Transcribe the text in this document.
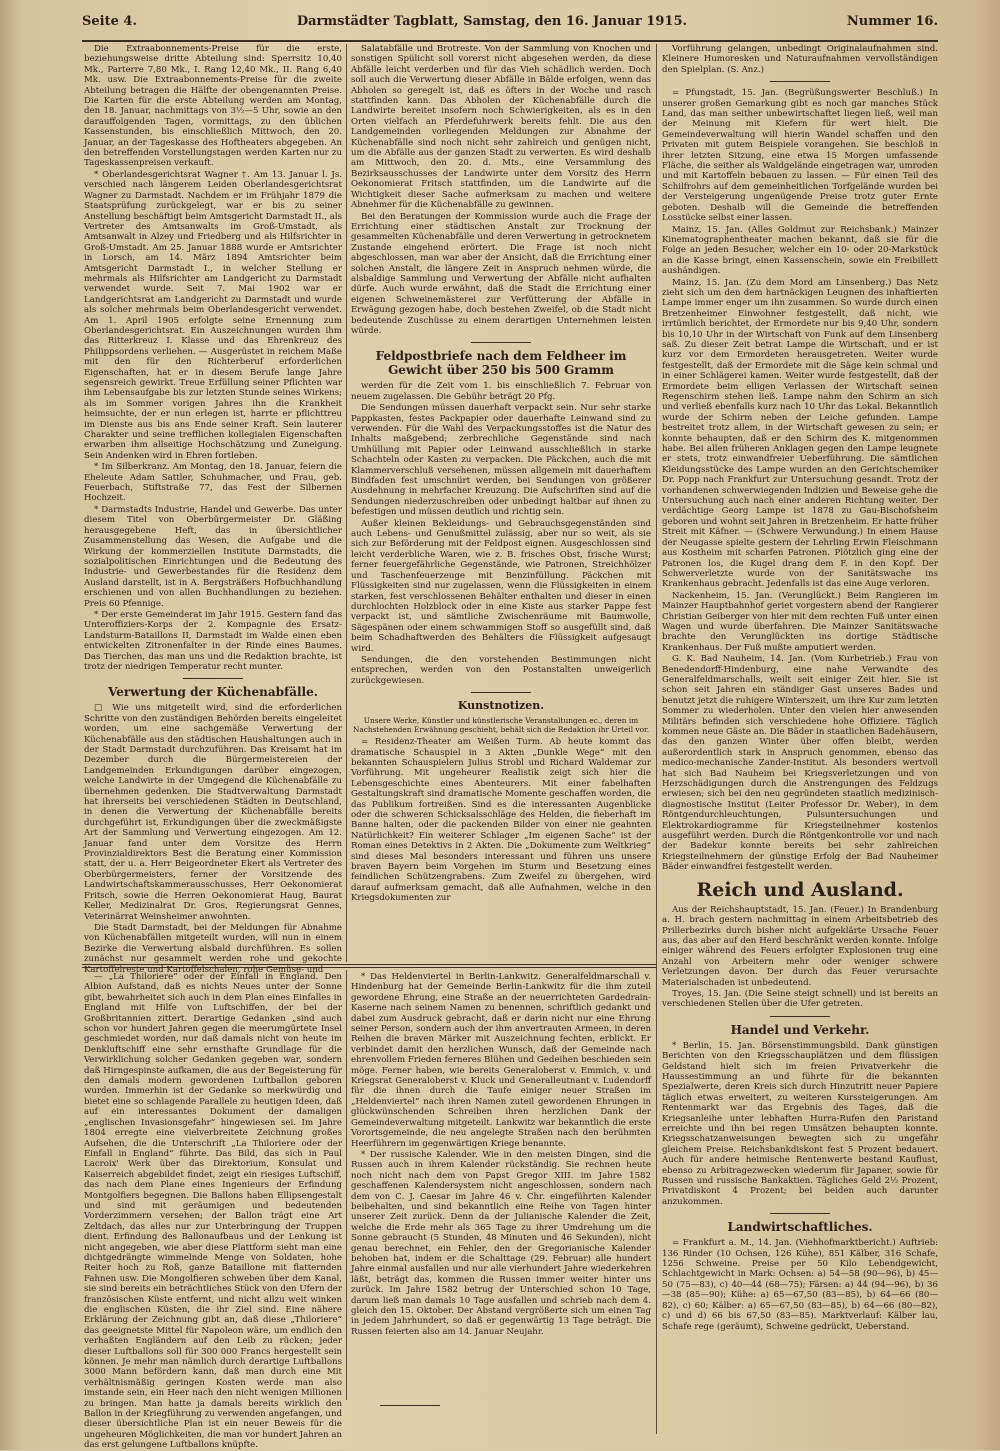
Seite 4.	Darmstädter Tagblatt, Samstag, den 16. Januar 1915.	Nummer 16.

Die Extraabonnements-Preise für die erste, beziehungsweise dritte Abteilung sind: Sperrsitz 10,40 Mk., Parterre 7,80 Mk., I. Rang 12,40 Mk., II. Rang 6,40 Mk. usw. Die Extraabonnements-Preise für die zweite Abteilung betragen die Hälfte der obengenannten Preise. Die Karten für die erste Abteilung werden am Montag, den 18. Januar, nachmittags von 3½—5 Uhr, sowie an den darauffolgenden Tagen, vormittags, zu den üblichen Kassenstunden, bis einschließlich Mittwoch, den 20. Januar, an der Tageskasse des Hoftheaters abgegeben. An den betreffenden Vorstellungstagen werden Karten nur zu Tageskassenpreisen verkauft.

* Oberlandesgerichtsrat Wagner †. Am 13. Januar l. Js. verschied nach längerem Leiden Oberlandesgerichtsrat Wagner zu Darmstadt. Nachdem er im Frühjahr 1879 die Staatsprüfung zurückgelegt, war er bis zu seiner Anstellung beschäftigt beim Amtsgericht Darmstadt II., als Vertreter des Amtsanwalts im Groß-Umstadt, als Amtsanwalt in Alzey und Friedberg und als Hilfsrichter in Groß-Umstadt. Am 25. Januar 1888 wurde er Amtsrichter in Lorsch, am 14. März 1894 Amtsrichter beim Amtsgericht Darmstadt I., in welcher Stellung er mehrmals als Hilfsrichter am Landgericht zu Darmstadt verwendet wurde. Seit 7. Mai 1902 war er Landgerichtsrat am Landgericht zu Darmstadt und wurde als solcher mehrmals beim Oberlandesgericht verwendet. Am 1. April 1905 erfolgte seine Ernennung zum Oberlandesgerichtsrat. Ein Auszeichnungen wurden ihm das Ritterkreuz I. Klasse und das Ehrenkreuz des Philippsordens verliehen. — Ausgerüstet in reichem Maße mit den für den Richterberuf erforderlichen Eigenschaften, hat er in diesem Berufe lange Jahre segensreich gewirkt. Treue Erfüllung seiner Pflichten war ihm Lebensaufgabe bis zur letzten Stunde seines Wirkens; als im Sommer vorigen Jahres ihn die Krankheit heimsuchte, der er nun erlegen ist, harrte er pflichttreu im Dienste aus bis ans Ende seiner Kraft. Sein lauterer Charakter und seine trefflichen kollegialen Eigenschaften erwarben ihm allseitige Hochschätzung und Zuneigung. Sein Andenken wird in Ehren fortleben.

* Im Silberkranz. Am Montag, den 18. Januar, feiern die Eheleute Adam Sattler, Schuhmacher, und Frau, geb. Feuerbach, Stiftstraße 77, das Fest der Silbernen Hochzeit.

* Darmstadts Industrie, Handel und Gewerbe. Das unter diesem Titel von Oberbürgermeister Dr. Gläßing herausgegebene Heft, das in übersichtlicher Zusammenstellung das Wesen, die Aufgabe und die Wirkung der kommerziellen Institute Darmstadts, die sozialpolitischen Einrichtungen und die Bedeutung des Industrie- und Gewerbestandes für die Residenz dem Ausland darstellt, ist in A. Bergsträßers Hofbuchhandlung erschienen und von allen Buchhandlungen zu beziehen. Preis 60 Pfennige.

* Der erste Gemeinderat im Jahr 1915. Gestern fand das Unteroffiziers-Korps der 2. Kompagnie des Ersatz-Landsturm-Bataillons II, Darmstadt im Walde einen eben entwickelten Zitronenfalter in der Rinde eines Baumes. Das Tierchen, das man uns und die Redaktion brachte, ist trotz der niedrigen Temperatur recht munter.

Verwertung der Küchenabfälle.

□ Wie uns mitgeteilt wird, sind die erforderlichen Schritte von den zuständigen Behörden bereits eingeleitet worden, um eine sachgemäße Verwertung der Küchenabfälle aus den städtischen Haushaltungen auch in der Stadt Darmstadt durchzuführen. Das Kreisamt hat im Dezember durch die Bürgermeistereien der Landgemeinden Erkundigungen darüber eingezogen, welche Landwirte in der Umgegend die Küchenabfälle zu übernehmen gedenken. Die Stadtverwaltung Darmstadt hat ihrerseits bei verschiedenen Städten in Deutschland, in denen die Verwertung der Küchenabfälle bereits durchgeführt ist, Erkundigungen über die zweckmäßigste Art der Sammlung und Verwertung eingezogen. Am 12. Januar fand unter dem Vorsitze des Herrn Provinzialdirektors Best die Beratung einer Kommission statt, der u. a. Herr Beigeordneter Ekert als Vertreter des Oberbürgermeisters, ferner der Vorsitzende des Landwirtschaftskammerausschusses, Herr Oekonomierat Fritsch, sowie die Herren Oekonomierat Haug, Baurat Keller, Medizinalrat Dr. Gros, Regierungsrat Gennes, Veterinärrat Weinsheimer anwohnten.

Die Stadt Darmstadt, bei der Meldungen für Abnahme von Küchenabfällen mitgeteilt wurden, will nun in einem Bezirke die Verwertung alsbald durchführen. Es sollen zunächst nur gesammelt werden rohe und gekochte Kartoffelreste und Kartoffelschalen, rohe Gemüse- und

Salatabfälle und Brotreste. Von der Sammlung von Knochen und sonstigen Spülicht soll vorerst nicht abgesehen werden, da diese Abfälle leicht verderben und für das Vieh schädlich werden. Doch soll auch die Verwertung dieser Abfälle in Bälde erfolgen, wenn das Abholen so geregelt ist, daß es öfters in der Woche und rasch stattfinden kann. Das Abholen der Küchenabfälle durch die Landwirte bereitet insofern noch Schwierigkeiten, als es in den Orten vielfach an Pferdefuhrwerk bereits fehlt. Die aus den Landgemeinden vorliegenden Meldungen zur Abnahme der Küchenabfälle sind noch nicht sehr zahlreich und genügen nicht, um die Abfälle aus der ganzen Stadt zu verwerten. Es wird deshalb am Mittwoch, den 20. d. Mts., eine Versammlung des Bezirksausschusses der Landwirte unter dem Vorsitz des Herrn Oekonomierat Fritsch stattfinden, um die Landwirte auf die Wichtigkeit dieser Sache aufmerksam zu machen und weitere Abnehmer für die Küchenabfälle zu gewinnen.

Bei den Beratungen der Kommission wurde auch die Frage der Errichtung einer städtischen Anstalt zur Trocknung der gesammelten Küchenabfälle und deren Verwertung in getrocknetem Zustande eingehend erörtert. Die Frage ist noch nicht abgeschlossen, man war aber der Ansicht, daß die Errichtung einer solchen Anstalt, die längere Zeit in Anspruch nehmen würde, die alsbaldige Sammlung und Verwertung der Abfälle nicht aufhalten dürfe. Auch wurde erwähnt, daß die Stadt die Errichtung einer eigenen Schweinemästerei zur Verfütterung der Abfälle in Erwägung gezogen habe, doch bestehen Zweifel, ob die Stadt nicht bedeutende Zuschüsse zu einem derartigen Unternehmen leisten würde.

Feldpostbriefe nach dem Feldheer im Gewicht über 250 bis 500 Gramm

werden für die Zeit vom 1. bis einschließlich 7. Februar von neuem zugelassen. Die Gebühr beträgt 20 Pfg.

Die Sendungen müssen dauerhaft verpackt sein. Nur sehr starke Pappkasten, festes Packpapier oder dauerhafte Leinwand sind zu verwenden. Für die Wahl des Verpackungsstoffes ist die Natur des Inhalts maßgebend; zerbrechliche Gegenstände sind nach Umhüllung mit Papier oder Leinwand ausschließlich in starke Schachteln oder Kasten zu verpacken. Die Päckchen, auch die mit Klammerverschluß versehenen, müssen allgemein mit dauerhaftem Bindfaden fest umschnürt werden, bei Sendungen von größerer Ausdehnung in mehrfacher Kreuzung. Die Aufschriften sind auf die Sendungen niederzuschreiben oder unbedingt haltbar auf ihnen zu befestigen und müssen deutlich und richtig sein.

Außer kleinen Bekleidungs- und Gebrauchsgegenständen sind auch Lebens- und Genußmittel zulässig, aber nur so weit, als sie sich zur Beförderung mit der Feldpost eignen. Ausgeschlossen sind leicht verderbliche Waren, wie z. B. frisches Obst, frische Wurst; ferner feuergefährliche Gegenstände, wie Patronen, Streichhölzer und Taschenfeuerzeuge mit Benzinfüllung. Päckchen mit Flüssigkeiten sind nur zugelassen, wenn die Flüssigkeiten in einem starken, fest verschlossenen Behälter enthalten und dieser in einen durchlochten Holzblock oder in eine Kiste aus starker Pappe fest verpackt ist, und sämtliche Zwischenräume mit Baumwolle, Sägespänen oder einem schwammigen Stoff so ausgefüllt sind, daß beim Schadhaftwerden des Behälters die Flüssigkeit aufgesaugt wird.

Sendungen, die den vorstehenden Bestimmungen nicht entsprechen, werden von den Postanstalten unweigerlich zurückgewiesen.

Kunstnotizen.
Unsere Werke, Künstler und künstlerische Veranstaltungen ec., deren im Nachstehenden Erwähnung geschieht, behält sich die Redaktion ihr Urteil vor.

= Residenz-Theater am Weißen Turm. Ab heute kommt das dramatische Schauspiel in 3 Akten „Dunkle Wege“ mit den bekannten Schauspielern Julius Strobl und Richard Waldemar zur Vorführung. Mit ungeheurer Realistik zeigt sich hier die Lebensgeschichte eines Abenteurers. Mit einer fabelhaften Gestaltungskraft sind dramatische Momente geschaffen worden, die das Publikum fortreißen. Sind es die interessanten Augenblicke oder die schweren Schicksalsschläge des Helden, die fieberhaft im Banne halten, oder die packenden Bilder von einer nie geahnten Natürlichkeit? Ein weiterer Schlager „Im eigenen Sache“ ist der Roman eines Detektivs in 2 Akten. Die „Dokumente zum Weltkrieg“ sind dieses Mal besonders interessant und führen uns unsere braven Bayern beim Vorgehen im Sturm und Besetzung eines feindlichen Schützengrabens. Zum Zweifel zu übergehen, wird darauf aufmerksam gemacht, daß alle Aufnahmen, welche in den Kriegsdokumenten zur

Vorführung gelangen, unbedingt Originalaufnahmen sind. Kleinere Humoresken und Naturaufnahmen vervollständigen den Spielplan. (S. Anz.)

= Pfungstadt, 15. Jan. (Begrüßungswerter Beschluß.) In unserer großen Gemarkung gibt es noch gar manches Stück Land, das man seither unbewirtschaftet liegen ließ, weil man der Meinung mit Kiefern für wert hielt. Die Gemeindeverwaltung will hierin Wandel schaffen und den Privaten mit gutem Beispiele vorangehen. Sie beschloß in ihrer letzten Sitzung, eine etwa 15 Morgen umfassende Fläche, die seither als Waldgelände eingetragen war, umroden und mit Kartoffeln bebauen zu lassen. — Für einen Teil des Schilfrohrs auf dem gemeinheitlichen Torfgelände wurden bei der Versteigerung ungenügende Preise trotz guter Ernte geboten. Deshalb will die Gemeinde die betreffenden Losstücke selbst einer lassen.

Mainz, 15. Jan. (Alles Goldmut zur Reichsbank.) Mainzer Kinematographentheater machen bekannt, daß sie für die Folge an jeden Besucher, welcher ein 10- oder 20-Markstück an die Kasse bringt, einen Kassenschein, sowie ein Freibillett aushändigen.

Mainz, 15. Jan. (Zu dem Mord am Linsenberg.) Das Netz zieht sich um den dem hartnäckigen Leugnen des inhaftierten Lampe immer enger um ihn zusammen. So wurde durch einen Bretzenheimer Einwohner festgestellt, daß nicht, wie irrtümlich berichtet, der Ermordete nur bis 9,40 Uhr, sondern bis 10,10 Uhr in der Wirtschaft von Funk auf dem Linsenberg saß. Zu dieser Zeit betrat Lampe die Wirtschaft, und er ist kurz vor dem Ermordeten herausgetreten. Weiter wurde festgestellt, daß der Ermordete mit die Säge kein schmal und in einer Schlägerei kamen. Weiter wurde festgestellt, daß der Ermordete beim elligen Verlassen der Wirtschaft seinen Regenschirm stehen ließ. Lampe nahm den Schirm an sich und verließ ebenfalls kurz nach 10 Uhr das Lokal. Bekanntlich wurde der Schirm neben der Leiche gefunden. Lampe bestreitet trotz allem, in der Wirtschaft gewesen zu sein; er konnte behaupten, daß er den Schirm des K. mitgenommen habe. Bei allen früheren Anklagen gegen den Lampe leugnete er stets, trotz einwandfreier Ueberführung. Die sämtlichen Kleidungsstücke des Lampe wurden an den Gerichtschemiker Dr. Popp nach Frankfurt zur Untersuchung gesandt. Trotz der vorhandenen schwerwiegenden Indizien und Beweise gehe die Untersuchung auch nach einer anderen Richtung weiter. Der verdächtige Georg Lampe ist 1878 zu Gau-Bischofsheim geboren und wohnt seit Jahren in Bretzenheim. Er hatte früher Streit mit Käfner. — (Schwere Verwundung.) In einem Hause der Neugasse spielte gestern der Lehrling Erwin Fleischmann aus Kostheim mit scharfen Patronen. Plötzlich ging eine der Patronen los, die Kugel drang dem F. in den Kopf. Der Schwerverletzte wurde von der Sanitätswache ins Krankenhaus gebracht. Jedenfalls ist das eine Auge verloren.

Nackenheim, 15. Jan. (Verunglückt.) Beim Rangieren im Mainzer Hauptbahnhof geriet vorgestern abend der Rangierer Christian Geiberger von hier mit dem rechten Fuß unter einen Wagen und wurde überfahren. Die Mainzer Sanitätswache brachte den Verunglückten ins dortige Städtische Krankenhaus. Der Fuß mußte amputiert werden.

G. K. Bad Nauheim, 14. Jan. (Vom Kurbetrieb.) Frau von Benedendorff-Hindenburg, eine nahe Verwandte des Generalfeldmarschalls, weilt seit einiger Zeit hier. Sie ist schon seit Jahren ein ständiger Gast unseres Bades und benutzt jetzt die ruhigere Winterszeit, um ihre Kur zum letzten Sommer zu wiederholen. Unter den vielen hier anwesenden Militärs befinden sich verschiedene hohe Offiziere. Täglich kommen neue Gäste an. Die Bäder in staatlichen Badehäusern, das den ganzen Winter über offen bleibt, werden außerordentlich stark in Anspruch genommen, ebenso das medico-mechanische Zander-Institut. Als besonders wertvoll hat sich Bad Nauheim bei Kriegsverletzungen und von Herzschädigungen durch die Anstrengungen des Feldzugs erwiesen; sich bei den neu gegründeten staatlich medizinisch-diagnostische Institut (Leiter Professor Dr. Weber), in dem Röntgendurchleuchtungen, Pulsuntersuchungen und Elektrokardiogramme für Kriegsteilnehmer kostenlos ausgeführt werden. Durch die Röntgenkontrolle vor und nach der Badekur konnte bereits bei sehr zahlreichen Kriegsteilnehmern der günstige Erfolg der Bad Nauheimer Bäder einwandfrei festgestellt werden.

Reich und Ausland.

Aus der Reichshauptstadt, 15. Jan. (Feuer.) In Brandenburg a. H. brach gestern nachmittag in einem Arbeitsbetrieb des Prillerbezirks durch bisher nicht aufgeklärte Ursache Feuer aus, das aber auf den Herd beschränkt werden konnte. Infolge einiger während des Feuers erfolgter Explosionen trug eine Anzahl von Arbeitern mehr oder weniger schwere Verletzungen davon. Der durch das Feuer verursachte Materialschaden ist unbedeutend.

Troyes, 15. Jan. (Die Seine steigt schnell) und ist bereits an verschiedenen Stellen über die Ufer getreten.

Handel und Verkehr.

* Berlin, 15. Jan. Börsenstimmungsbild. Dank günstigen Berichten von den Kriegsschauplätzen und dem flüssigen Geldstand hielt sich im freien Privatverkehr die Haussestimmung an und führte für die bekannten Spezialwerte, deren Kreis sich durch Hinzutritt neuer Papiere täglich etwas erweitert, zu weiteren Kurssteigerungen. Am Rentenmarkt war das Ergebnis des Tages, daß die Kriegsanleihe unter lebhaften Hurra-Rufen den Paristand erreichte und ihn bei regen Umsätzen behaupten konnte. Kriegsschatzanweisungen bewegten sich zu ungefähr gleichem Preise. Reichsbankdiskont fest 5 Prozent bedauert. Auch für andere heimische Rentenwerte bestand Kauflust, ebenso zu Arbitragezwecken wiederum für Japaner, sowie für Russen und russische Bankaktien. Tägliches Geld 2½ Prozent, Privatdiskont 4 Prozent; bei beiden auch darunter anzukommen.

Landwirtschaftliches.

= Frankfurt a. M., 14. Jan. (Viehhofmarktbericht.) Auftrieb: 136 Rinder (10 Ochsen, 126 Kühe), 851 Kälber, 316 Schafe, 1256 Schweine. Preise per 50 Kilo Lebendgewicht, Schlachtgewicht in Mark: Ochsen: a) 54—58 (90—96), b) 45—50 (75—83), c) 40—44 (68—75); Färsen: a) 44 (94—96), b) 36—38 (85—90); Kühe: a) 65—67,50 (83—85), b) 64—66 (80—82), c) 60; Kälber: a) 65—67,50 (83—85), b) 64—66 (80—82), c) und d) 66 bis 67,50 (83—85). Marktverlauf: Kälber lau, Schafe rege (geräumt), Schweine gedrückt, Ueberstand.

— „La Thiloriere“ oder der Einfall in England. Den Albion Aufstand, daß es nichts Neues unter der Sonne gibt, bewahrheitet sich auch in dem Plan eines Einfalles in England mit Hilfe von Luftschiffen, der bei der Großbritannien zittert. Derartige Gedanken „sind auch schon vor hundert Jahren gegen die meerumgürtete Insel geschmiedet worden, nur daß damals nicht von heute im Denkluftschiff eine sehr ernsthafte Grundlage für die Verwirklichung solcher Gedanken gegeben war, sondern daß Hirngespinste aufkamen, die aus der Begeisterung für den damals modern gewordenen Luftballon geboren wurden. Immerhin ist der Gedanke so merkwürdig und bietet eine so schlagende Parallele zu heutigen Ideen, daß auf ein interessantes Dokument der damaligen „englischen Invasionsgefahr“ hingewiesen sei. Im Jahre 1804 erregte eine vielverbreitete Zeichnung großes Aufsehen, die die Unterschrift „La Thiloriere oder der Einfall in England“ führte. Das Bild, das sich in Paul Lacroix' Werk über das Direktorium, Konsulat und Kaiserreich abgebildet findet, zeigt ein riesiges Luftschiff, das nach dem Plane eines Ingenieurs der Erfindung Montgolfiers begegnen. Die Ballons haben Ellipsengestalt und sind mit geräumigen und bedeutenden Vorderzimmern versehen; der Ballon trägt eine Art Zeltdach, das alles nur zur Unterbringung der Truppen dient. Erfindung des Ballonaufbaus und der Lenkung ist nicht angegeben, wie aber diese Plattform sieht man eine dichtgedrängte wimmelnde Menge von Soldaten, hohe Reiter hoch zu Roß, ganze Bataillone mit flatternden Fahnen usw. Die Mongolfieren schweben über dem Kanal, sie sind bereits ein beträchtliches Stück von den Ufern der französischen Küste entfernt, und nicht allzu weit winken die englischen Küsten, die ihr Ziel sind. Eine nähere Erklärung der Zeichnung gibt an, daß diese „Thiloriere“ das geeignetste Mittel für Napoleon wäre, um endlich den verhaßten Engländern auf den Leib zu rücken; jeder dieser Luftballons soll für 300 000 Francs hergestellt sein können. Je mehr man nämlich durch derartige Luftballons 3000 Mann befördern kann, daß man durch eine Mit verhältnismäßig geringen Kosten werde man also imstande sein, ein Heer nach den nicht wenigen Millionen zu bringen. Man hatte ja damals bereits wirklich den Ballon in der Kriegführung zu verwenden angefangen, und dieser übersichtliche Plan ist ein neuer Beweis für die ungeheuren Möglichkeiten, die man vor hundert Jahren an das erst gelungene Luftballons knüpfte.

* Das Heldenviertel in Berlin-Lankwitz. Generalfeldmarschall v. Hindenburg hat der Gemeinde Berlin-Lankwitz für die ihm zuteil gewordene Ehrung, eine Straße an der neuerrichteten Gardedrain-Kaserne nach seinem Namen zu benennen, schriftlich gedankt und dabei zum Ausdruck gebracht, daß er darin nicht nur eine Ehrung seiner Person, sondern auch der ihm anvertrauten Armeen, in deren Reihen die braven Märker mit Auszeichnung fechten, erblickt. Er verbindet damit den herzlichen Wunsch, daß der Gemeinde nach ehrenvollem Frieden ferneres Blühen und Gedeihen beschieden sein möge. Ferner haben, wie bereits Generaloberst v. Emmich, v. und Kriegsrat Generaloberst v. Kluck und Generalleutnant v. Ludendorff für die ihnen durch die Taufe einiger neuer Straßen im „Heldenviertel“ nach ihren Namen zuteil gewordenen Ehrungen in glückwünschenden Schreiben ihren herzlichen Dank der Gemeindeverwaltung mitgeteilt. Lankwitz war bekanntlich die erste Vorortsgemeinde, die neu angelegte Straßen nach den berühmten Heerführern im gegenwärtigen Kriege benannte.

* Der russische Kalender. Wie in den meisten Dingen, sind die Russen auch in ihrem Kalender rückständig. Sie rechnen heute noch nicht nach dem von Papst Gregor XIII. im Jahre 1582 geschaffenen Kalendersystem nicht angeschlossen, sondern nach dem von C. J. Caesar im Jahre 46 v. Chr. eingeführten Kalender beibehalten, und sind bekanntlich eine Reihe von Tagen hinter unserer Zeit zurück. Denn da der Julianische Kalender die Zeit, welche die Erde mehr als 365 Tage zu ihrer Umdrehung um die Sonne gebraucht (5 Stunden, 48 Minuten und 46 Sekunden), nicht genau berechnet, ein Fehler, den der Gregorianische Kalender behoben hat, indem er die Schalttage (29. Februar) alle hundert Jahre einmal ausfallen und nur alle vierhundert Jahre wiederkehren läßt, beträgt das, kommen die Russen immer weiter hinter uns zurück. Im Jahre 1582 betrug der Unterschied schon 10 Tage, darum ließ man damals 10 Tage ausfallen und schrieb nach dem 4. gleich den 15. Oktober. Der Abstand vergrößerte sich um einen Tag in jedem Jahrhundert, so daß er gegenwärtig 13 Tage beträgt. Die Russen feierten also am 14. Januar Neujahr.
